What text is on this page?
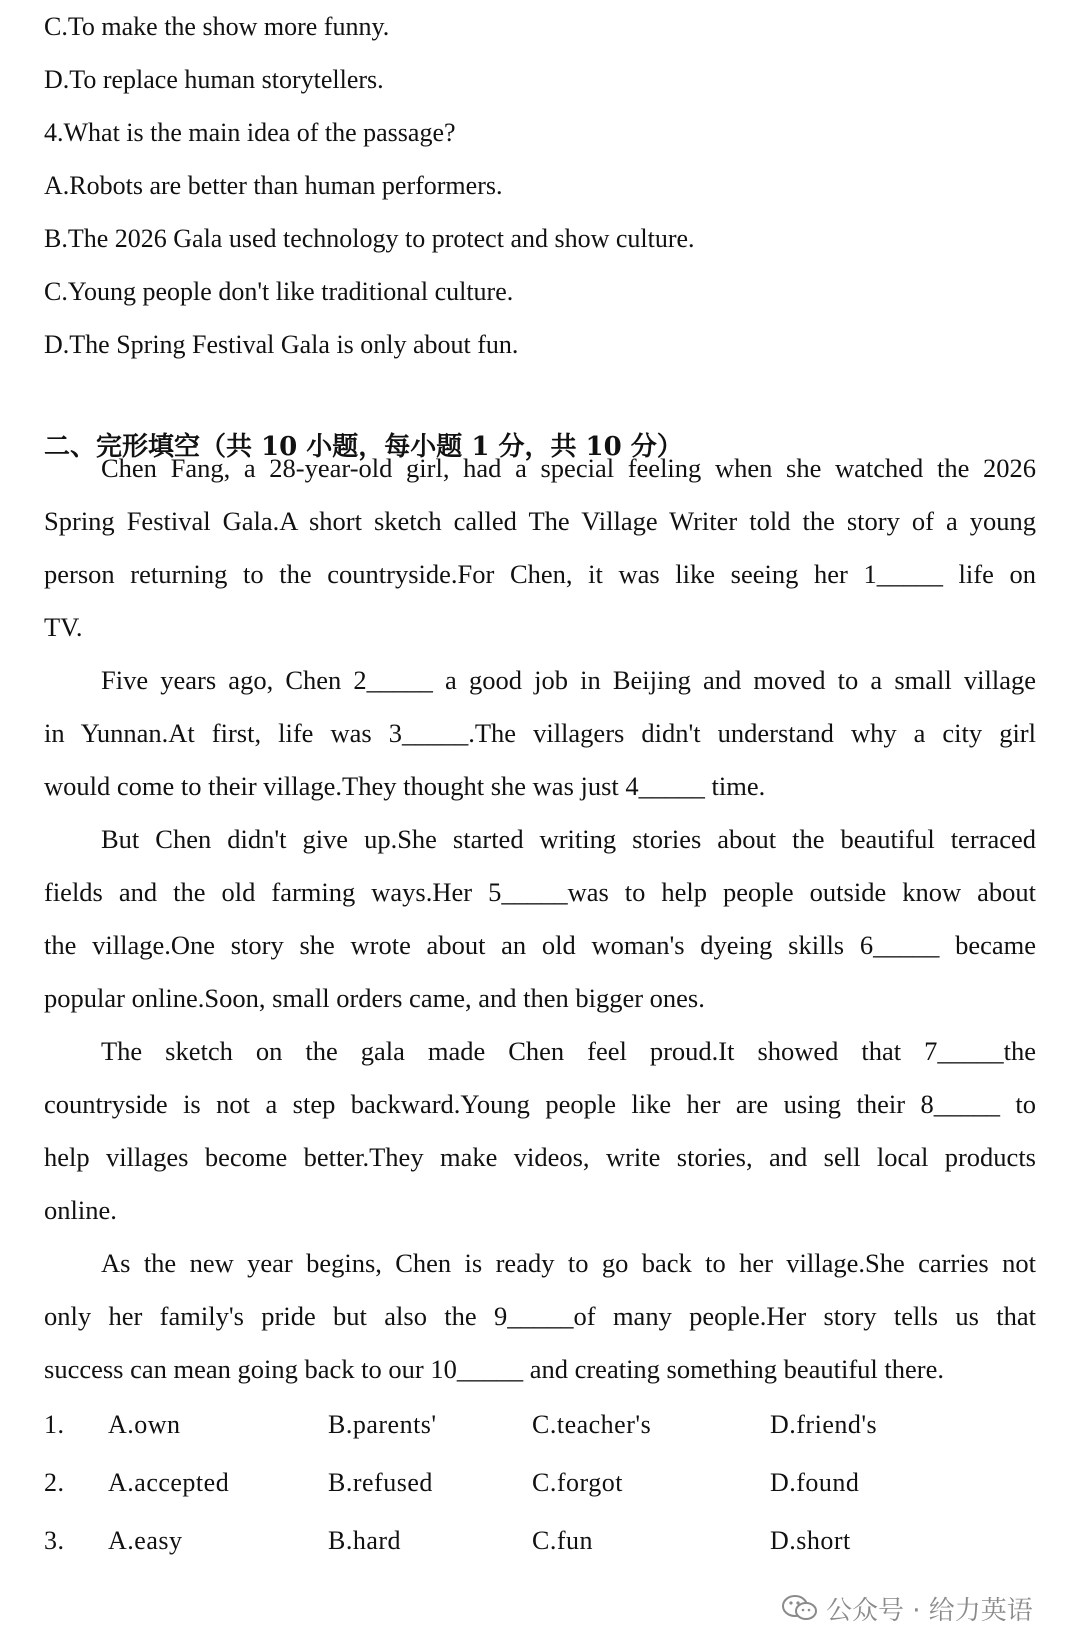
C.To make the show more funny.
D.To replace human storytellers.
4.What is the main idea of the passage?
A.Robots are better than human performers.
B.The 2026 Gala used technology to protect and show culture.
C.Young people don't like traditional culture.
D.The Spring Festival Gala is only about fun.
二、完形填空（共 10 小题，每小题 1 分，共 10 分）
Chen Fang, a 28-year-old girl, had a special feeling when she watched the 2026
Spring Festival Gala.A short sketch called The Village Writer told the story of a young
person returning to the countryside.For Chen, it was like seeing her 1_____ life on
TV.
Five years ago, Chen 2_____ a good job in Beijing and moved to a small village
in Yunnan.At first, life was 3_____.The villagers didn't understand why a city girl
would come to their village.They thought she was just 4_____ time.
But Chen didn't give up.She started writing stories about the beautiful terraced
fields and the old farming ways.Her 5_____was to help people outside know about
the village.One story she wrote about an old woman's dyeing skills 6_____ became
popular online.Soon, small orders came, and then bigger ones.
The sketch on the gala made Chen feel proud.It showed that 7_____the
countryside is not a step backward.Young people like her are using their 8_____ to
help villages become better.They make videos, write stories, and sell local products
online.
As the new year begins, Chen is ready to go back to her village.She carries not
only her family's pride but also the 9_____of many people.Her story tells us that
success can mean going back to our 10_____ and creating something beautiful there.
1. A.own	B.parents'	C.teacher's	D.friend's
2. A.accepted	B.refused	C.forgot	D.found
3. A.easy	B.hard	C.fun	D.short
公众号 · 给力英语
